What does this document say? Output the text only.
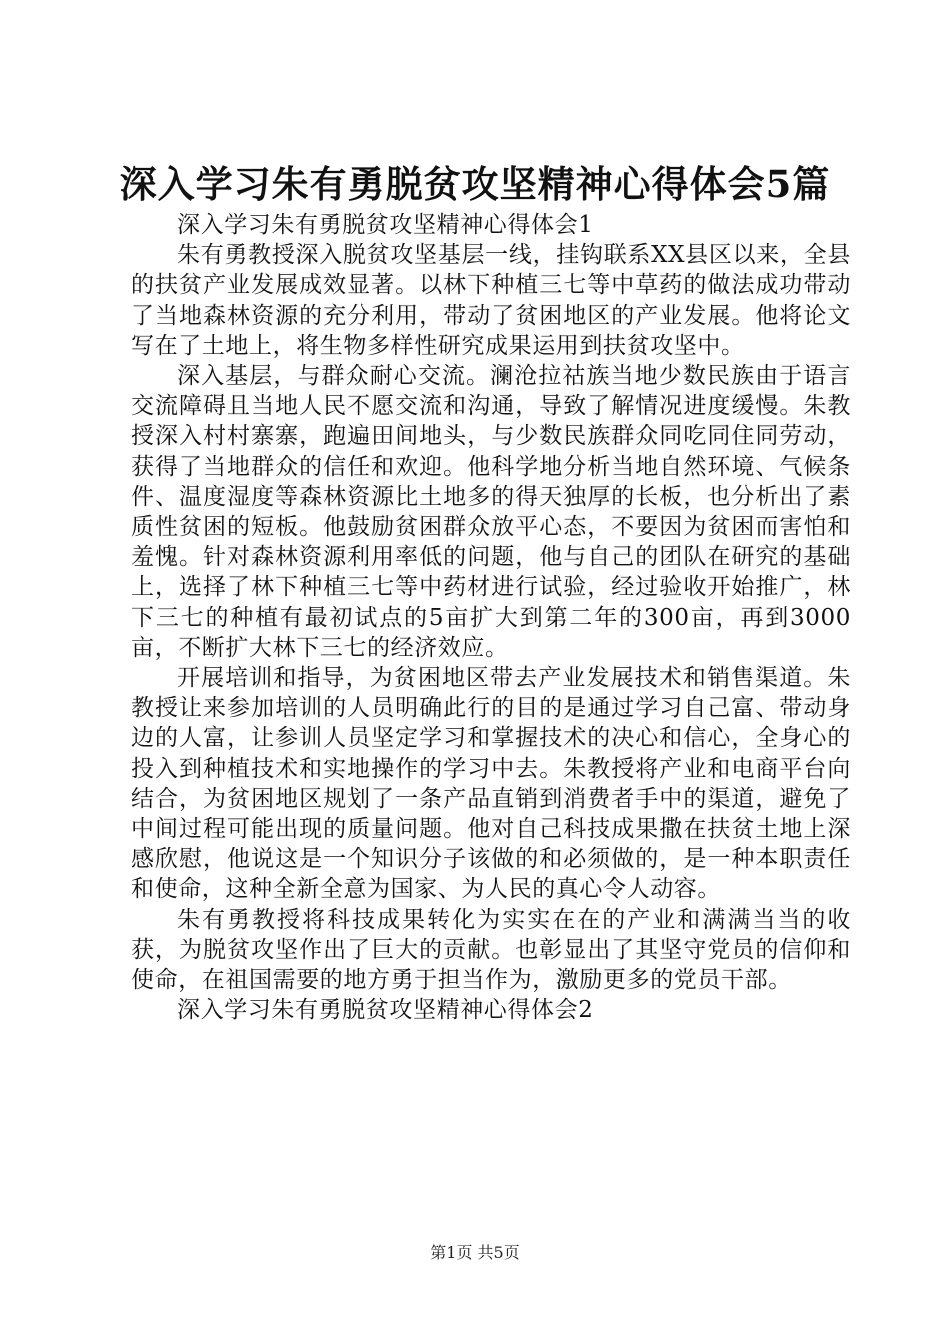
深入学习朱有勇脱贫攻坚精神心得体会5篇

深入学习朱有勇脱贫攻坚精神心得体会1

朱有勇教授深入脱贫攻坚基层一线，挂钩联系XX县区以来，全县的扶贫产业发展成效显著。以林下种植三七等中草药的做法成功带动了当地森林资源的充分利用，带动了贫困地区的产业发展。他将论文写在了土地上，将生物多样性研究成果运用到扶贫攻坚中。

深入基层，与群众耐心交流。澜沧拉祜族当地少数民族由于语言交流障碍且当地人民不愿交流和沟通，导致了解情况进度缓慢。朱教授深入村村寨寨，跑遍田间地头，与少数民族群众同吃同住同劳动，获得了当地群众的信任和欢迎。他科学地分析当地自然环境、气候条件、温度湿度等森林资源比土地多的得天独厚的长板，也分析出了素质性贫困的短板。他鼓励贫困群众放平心态，不要因为贫困而害怕和羞愧。针对森林资源利用率低的问题，他与自己的团队在研究的基础上，选择了林下种植三七等中药材进行试验，经过验收开始推广，林下三七的种植有最初试点的5亩扩大到第二年的300亩，再到3000亩，不断扩大林下三七的经济效应。

开展培训和指导，为贫困地区带去产业发展技术和销售渠道。朱教授让来参加培训的人员明确此行的目的是通过学习自己富、带动身边的人富，让参训人员坚定学习和掌握技术的决心和信心，全身心的投入到种植技术和实地操作的学习中去。朱教授将产业和电商平台向结合，为贫困地区规划了一条产品直销到消费者手中的渠道，避免了中间过程可能出现的质量问题。他对自己科技成果撒在扶贫土地上深感欣慰，他说这是一个知识分子该做的和必须做的，是一种本职责任和使命，这种全新全意为国家、为人民的真心令人动容。

朱有勇教授将科技成果转化为实实在在的产业和满满当当的收获，为脱贫攻坚作出了巨大的贡献。也彰显出了其坚守党员的信仰和使命，在祖国需要的地方勇于担当作为，激励更多的党员干部。

深入学习朱有勇脱贫攻坚精神心得体会2

第1页 共5页
